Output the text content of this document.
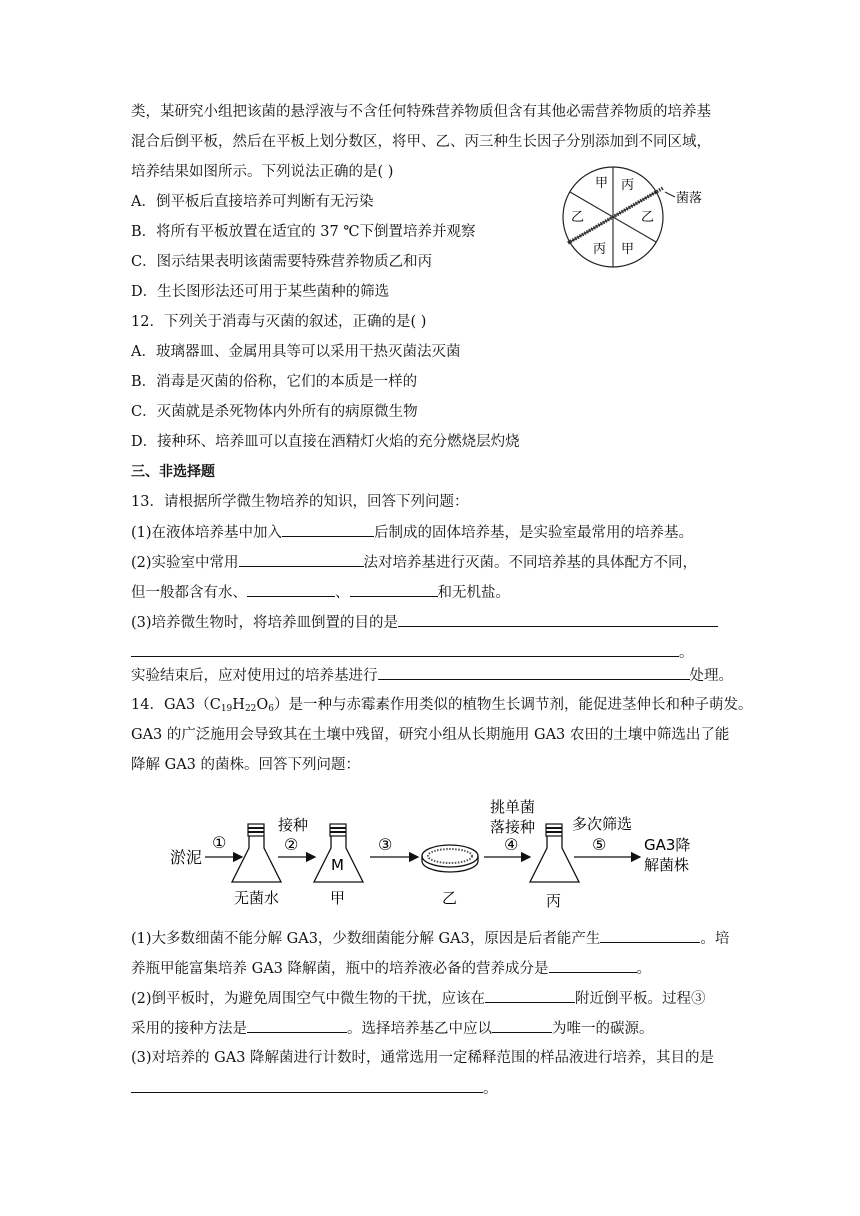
类，某研究小组把该菌的悬浮液与不含任何特殊营养物质但含有其他必需营养物质的培养基
混合后倒平板，然后在平板上划分数区，将甲、乙、丙三种生长因子分别添加到不同区域，
培养结果如图所示。下列说法正确的是( )
A．倒平板后直接培养可判断有无污染
B．将所有平板放置在适宜的 37 ℃下倒置培养并观察
C．图示结果表明该菌需要特殊营养物质乙和丙
D．生长图形法还可用于某些菌种的筛选
甲 丙
乙	乙
丙 甲
菌落
12．下列关于消毒与灭菌的叙述，正确的是( )
A．玻璃器皿、金属用具等可以采用干热灭菌法灭菌
B．消毒是灭菌的俗称，它们的本质是一样的
C．灭菌就是杀死物体内外所有的病原微生物
D．接种环、培养皿可以直接在酒精灯火焰的充分燃烧层灼烧
三、非选择题
13．请根据所学微生物培养的知识，回答下列问题：
(1)在液体培养基中加入	后制成的固体培养基，是实验室最常用的培养基。
(2)实验室中常用	法对培养基进行灭菌。不同培养基的具体配方不同，
但一般都含有水、	、	和无机盐。
(3)培养微生物时，将培养皿倒置的目的是
。
实验结束后，应对使用过的培养基进行	处理。
14．$GA3(C_{19}H_{22}O_6)$是一种与赤霉素作用类似的植物生长调节剂，能促进茎伸长和种子萌发。
GA3 的广泛施用会导致其在土壤中残留，研究小组从长期施用 GA3 农田的土壤中筛选出了能
降解 GA3 的菌株。回答下列问题：
淤泥
①
无菌水
接种
②
M
甲
③
乙
挑单菌
落接种
④
丙
多次筛选
⑤	GA3降
解菌株
(1)大多数细菌不能分解 GA3，少数细菌能分解 GA3，原因是后者能产生	。培
养瓶甲能富集培养 GA3 降解菌，瓶中的培养液必备的营养成分是	。
(2)倒平板时，为避免周围空气中微生物的干扰，应该在	附近倒平板。过程③
采用的接种方法是	。选择培养基乙中应以	为唯一的碳源。
(3)对培养的 GA3 降解菌进行计数时，通常选用一定稀释范围的样品液进行培养，其目的是
。
